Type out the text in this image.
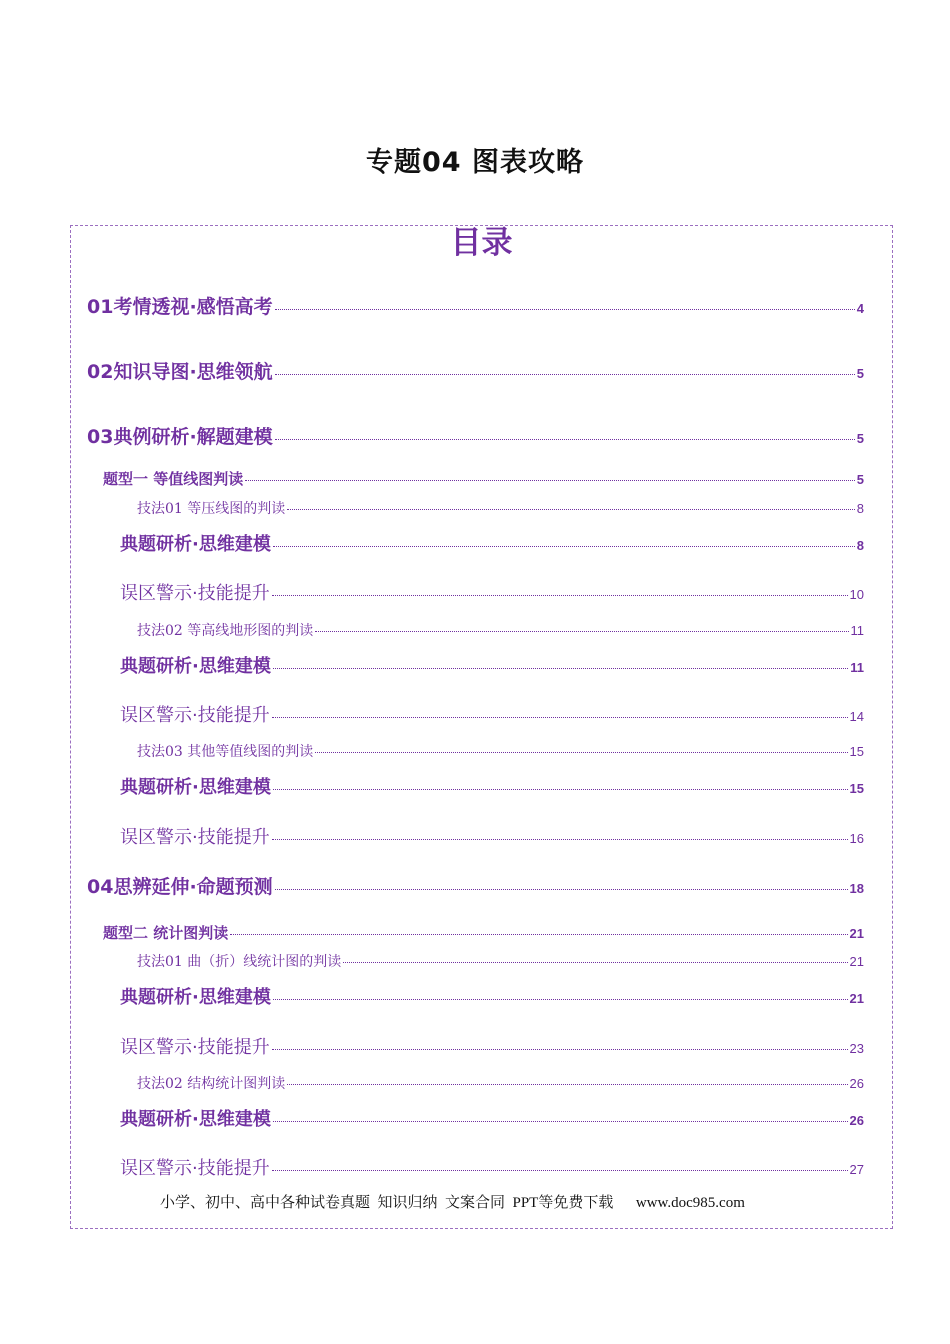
专题04 图表攻略
目录
01考情透视·感悟高考	4
02知识导图·思维领航	5
03典例研析·解题建模	5
题型一 等值线图判读	5
技法01 等压线图的判读	8
典题研析·思维建模	8
误区警示·技能提升	10
技法02 等高线地形图的判读	11
典题研析·思维建模	11
误区警示·技能提升	14
技法03 其他等值线图的判读	15
典题研析·思维建模	15
误区警示·技能提升	16
04思辨延伸·命题预测	18
题型二 统计图判读	21
技法01 曲（折）线统计图的判读	21
典题研析·思维建模	21
误区警示·技能提升	23
技法02 结构统计图判读	26
典题研析·思维建模	26
误区警示·技能提升	27
小学、初中、高中各种试卷真题  知识归纳  文案合同  PPT等免费下载      www.doc985.com
